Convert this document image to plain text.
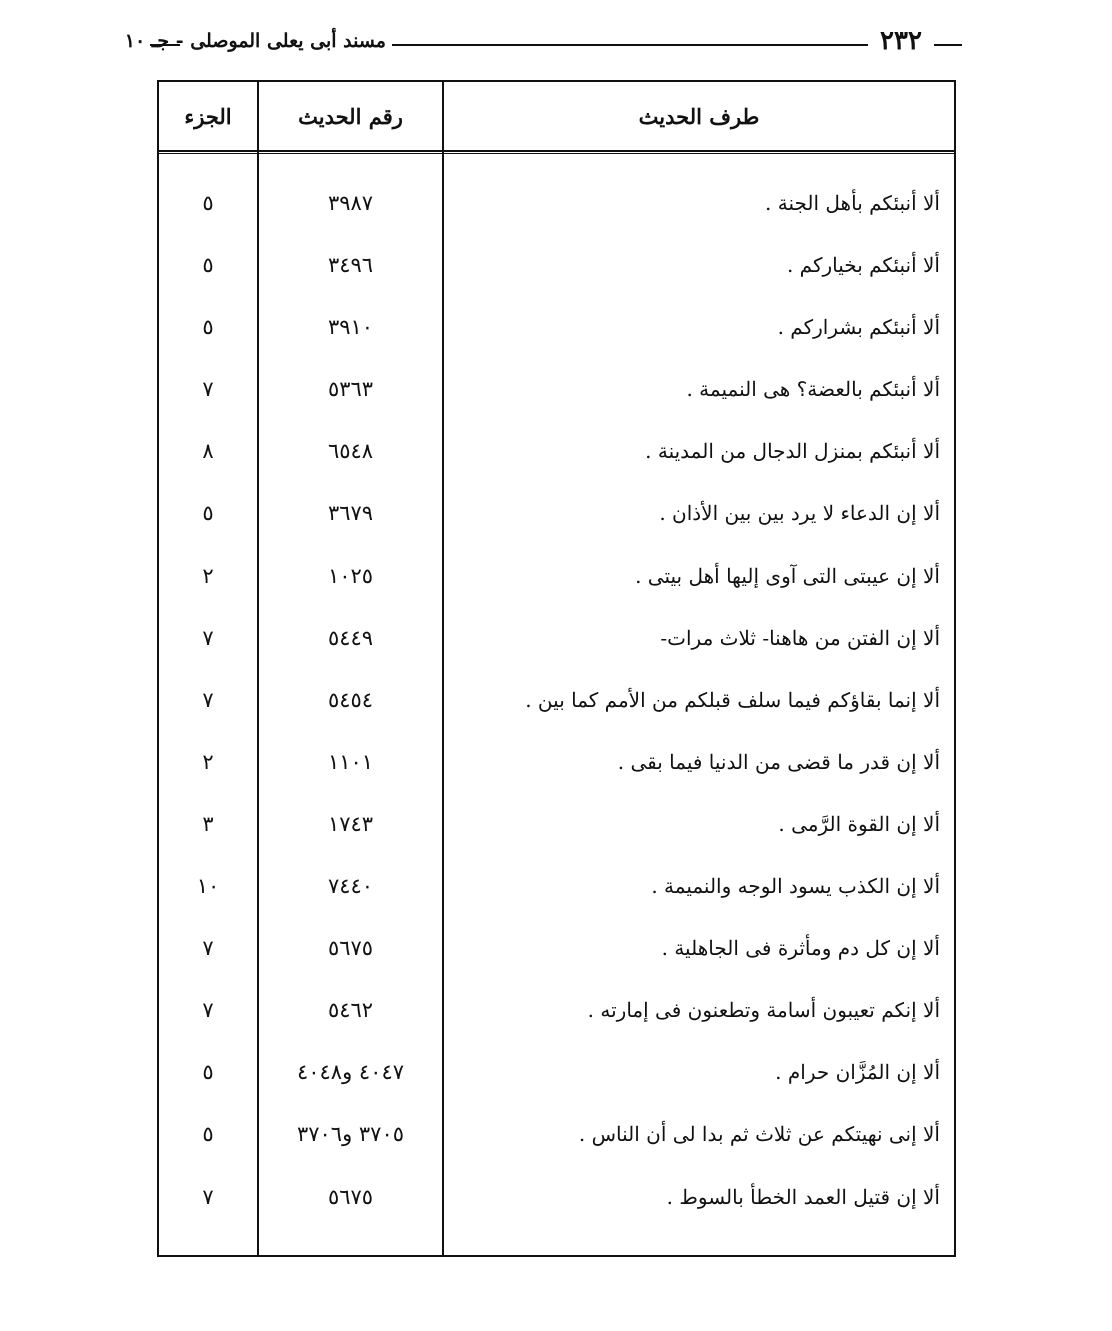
مسند أبى يعلى الموصلى - جـ ١٠	٢٣٢
الجزء	رقم الحديث	طرف الحديث
٥	٣٩٨٧	ألا أنبئكم بأهل الجنة .
٥	٣٤٩٦	ألا أنبئكم بخياركم .
٥	٣٩١٠	ألا أنبئكم بشراركم .
٧	٥٣٦٣	ألا أنبئكم بالعضة؟ هى النميمة .
٨	٦٥٤٨	ألا أنبئكم بمنزل الدجال من المدينة .
٥	٣٦٧٩	ألا إن الدعاء لا يرد بين بين الأذان .
٢	١٠٢٥	ألا إن عيبتى التى آوى إليها أهل بيتى .
٧	٥٤٤٩	ألا إن الفتن من هاهنا- ثلاث مرات-
٧	٥٤٥٤	ألا إنما بقاؤكم فيما سلف قبلكم من الأمم كما بين .
٢	١١٠١	ألا إن قدر ما قضى من الدنيا فيما بقى .
٣	١٧٤٣	ألا إن القوة الرَّمى .
١٠	٧٤٤٠	ألا إن الكذب يسود الوجه والنميمة .
٧	٥٦٧٥	ألا إن كل دم ومأثرة فى الجاهلية .
٧	٥٤٦٢	ألا إنكم تعيبون أسامة وتطعنون فى إمارته .
٥	٤٠٤٧ و٤٠٤٨	ألا إن المُزَّان حرام .
٥	٣٧٠٥ و٣٧٠٦	ألا إنى نهيتكم عن ثلاث ثم بدا لى أن الناس .
٧	٥٦٧٥	ألا إن قتيل العمد الخطأ بالسوط .
